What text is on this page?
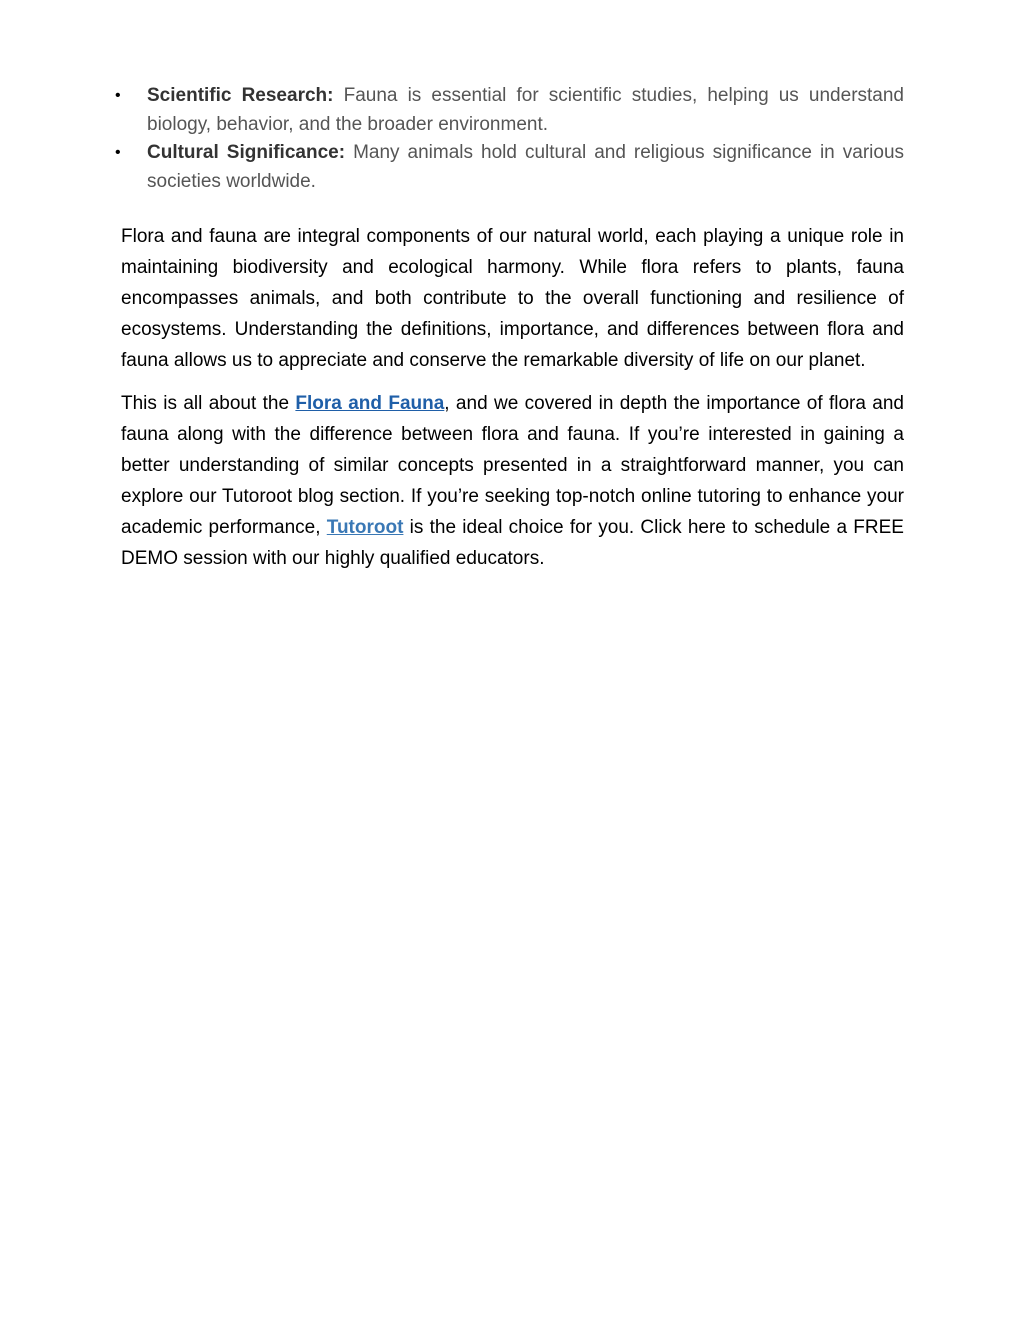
• Scientific Research: Fauna is essential for scientific studies, helping us understand biology, behavior, and the broader environment.
• Cultural Significance: Many animals hold cultural and religious significance in various societies worldwide.

Flora and fauna are integral components of our natural world, each playing a unique role in maintaining biodiversity and ecological harmony. While flora refers to plants, fauna encompasses animals, and both contribute to the overall functioning and resilience of ecosystems. Understanding the definitions, importance, and differences between flora and fauna allows us to appreciate and conserve the remarkable diversity of life on our planet.

This is all about the Flora and Fauna, and we covered in depth the importance of flora and fauna along with the difference between flora and fauna. If you’re interested in gaining a better understanding of similar concepts presented in a straightforward manner, you can explore our Tutoroot blog section. If you’re seeking top-notch online tutoring to enhance your academic performance, Tutoroot is the ideal choice for you. Click here to schedule a FREE DEMO session with our highly qualified educators.
